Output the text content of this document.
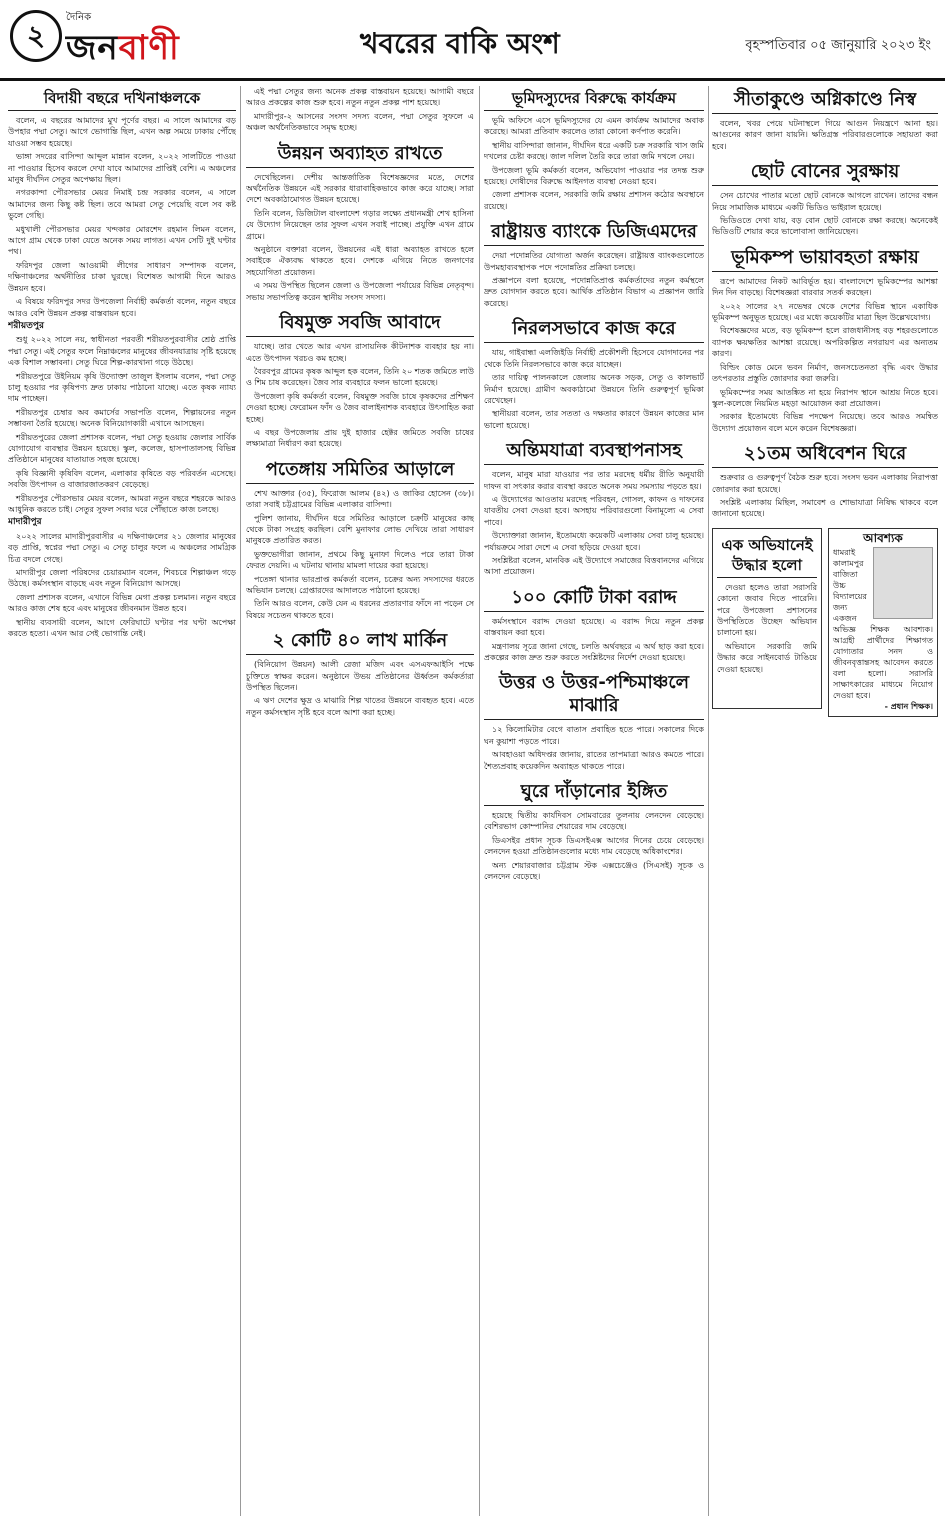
২
দৈনিক
জনবাণী	খবরের বাকি অংশ	বৃহস্পতিবার ০৫ জানুয়ারি ২০২৩ ইং
বিদায়ী বছরে দখিনাঞ্চলকে

বলেন, এ বছরের আমাদের মুখ পূর্ণের বছর। এ সালে আমাদের বড় উপহার পদ্মা সেতু। আগে ভোগান্তি ছিল, এখন অল্প সময়ে ঢাকায় পৌঁছে যাওয়া সম্ভব হয়েছে।

ভাঙ্গা সদরের বাসিন্দা আব্দুল মান্নান বলেন, ২০২২ সালটিতে পাওয়া না পাওয়ার হিসেব করলে দেখা যাবে আমাদের প্রাপ্তিই বেশি। এ অঞ্চলের মানুষ দীর্ঘদিন সেতুর অপেক্ষায় ছিল।

নগরকান্দা পৌরসভার মেয়র নিমাই চন্দ্র সরকার বলেন, এ সালে আমাদের জন্য কিছু কষ্ট ছিল। তবে আমরা সেতু পেয়েছি বলে সব কষ্ট ভুলে গেছি।

মধুখালী পৌরসভার মেয়র খন্দকার মোরশেদ রহমান লিমন বলেন, আগে গ্রাম থেকে ঢাকা যেতে অনেক সময় লাগত। এখন সেটি দুই ঘণ্টার পথ।

ফরিদপুর জেলা আওয়ামী লীগের সাধারণ সম্পাদক বলেন, দক্ষিণাঞ্চলের অর্থনীতির চাকা ঘুরছে। বিশেষত আগামী দিনে আরও উন্নয়ন হবে।

এ বিষয়ে ফরিদপুর সদর উপজেলা নির্বাহী কর্মকর্তা বলেন, নতুন বছরে আরও বেশি উন্নয়ন প্রকল্প বাস্তবায়ন হবে।

শরীয়তপুর

শুধু ২০২২ সালে নয়, স্বাধীনতা পরবর্তী শরীয়তপুরবাসীর শ্রেষ্ঠ প্রাপ্তি পদ্মা সেতু। এই সেতুর ফলে নিম্নাঞ্চলের মানুষের জীবনযাত্রায় সৃষ্টি হয়েছে এক বিশাল সম্ভাবনা। সেতু ঘিরে শিল্প-কারখানা গড়ে উঠছে।

শরীয়তপুরে উইনিয়ম কৃষি উদ্যোক্তা তাজুল ইসলাম বলেন, পদ্মা সেতু চালু হওয়ার পর কৃষিপণ্য দ্রুত ঢাকায় পাঠানো যাচ্ছে। এতে কৃষক ন্যায্য দাম পাচ্ছেন।

শরীয়তপুর চেম্বার অব কমার্সের সভাপতি বলেন, শিল্পায়নের নতুন সম্ভাবনা তৈরি হয়েছে। অনেক বিনিয়োগকারী এখানে আসছেন।

শরীয়তপুরের জেলা প্রশাসক বলেন, পদ্মা সেতু হওয়ায় জেলার সার্বিক যোগাযোগ ব্যবস্থার উন্নয়ন হয়েছে। স্কুল, কলেজ, হাসপাতালসহ বিভিন্ন প্রতিষ্ঠানে মানুষের যাতায়াত সহজ হয়েছে।

কৃষি বিজ্ঞানী কৃষিবিদ বলেন, এলাকার কৃষিতে বড় পরিবর্তন এসেছে। সবজি উৎপাদন ও বাজারজাতকরণ বেড়েছে।

শরীয়তপুর পৌরসভার মেয়র বলেন, আমরা নতুন বছরে শহরকে আরও আধুনিক করতে চাই। সেতুর সুফল সবার ঘরে পৌঁছাতে কাজ চলছে।

মাদারীপুর

২০২২ সালের মাদারীপুরবাসীর এ দক্ষিণাঞ্চলের ২১ জেলার মানুষের বড় প্রাপ্তি, স্বপ্নের পদ্মা সেতু। এ সেতু চালুর ফলে এ অঞ্চলের সামগ্রিক চিত্র বদলে গেছে।

মাদারীপুর জেলা পরিষদের চেয়ারম্যান বলেন, শিবচরে শিল্পাঞ্চল গড়ে উঠছে। কর্মসংস্থান বাড়ছে এবং নতুন বিনিয়োগ আসছে।

জেলা প্রশাসক বলেন, এখানে বিভিন্ন মেগা প্রকল্প চলমান। নতুন বছরে আরও কাজ শেষ হবে এবং মানুষের জীবনমান উন্নত হবে।

স্থানীয় ব্যবসায়ী বলেন, আগে ফেরিঘাটে ঘণ্টার পর ঘণ্টা অপেক্ষা করতে হতো। এখন আর সেই ভোগান্তি নেই।

এই পদ্মা সেতুর জন্য অনেক প্রকল্প বাস্তবায়ন হয়েছে। আগামী বছরে আরও প্রকল্পের কাজ শুরু হবে। নতুন নতুন প্রকল্প পাশ হয়েছে।

মাদারীপুর-২ আসনের সংসদ সদস্য বলেন, পদ্মা সেতুর সুফলে এ অঞ্চল অর্থনৈতিকভাবে সমৃদ্ধ হচ্ছে।

উন্নয়ন অব্যাহত রাখতে

দেখেছিলেন। দেশীয় আন্তর্জাতিক বিশেষজ্ঞদের মতে, দেশের অর্থনৈতিক উন্নয়নে এই সরকার ধারাবাহিকভাবে কাজ করে যাচ্ছে। সারা দেশে অবকাঠামোগত উন্নয়ন হয়েছে।

তিনি বলেন, ডিজিটাল বাংলাদেশ গড়ার লক্ষ্যে প্রধানমন্ত্রী শেখ হাসিনা যে উদ্যোগ নিয়েছেন তার সুফল এখন সবাই পাচ্ছে। প্রযুক্তি এখন গ্রামে গ্রামে।

অনুষ্ঠানে বক্তারা বলেন, উন্নয়নের এই ধারা অব্যাহত রাখতে হলে সবাইকে ঐক্যবদ্ধ থাকতে হবে। দেশকে এগিয়ে নিতে জনগণের সহযোগিতা প্রয়োজন।

এ সময় উপস্থিত ছিলেন জেলা ও উপজেলা পর্যায়ের বিভিন্ন নেতৃবৃন্দ। সভায় সভাপতিত্ব করেন স্থানীয় সংসদ সদস্য।

বিষমুক্ত সবজি আবাদে

যাচ্ছে। তার খেতে আর এখন রাসায়নিক কীটনাশক ব্যবহার হয় না। এতে উৎপাদন খরচও কম হচ্ছে।

বৈরবপুর গ্রামের কৃষক আব্দুল হক বলেন, তিনি ২০ শতক জমিতে লাউ ও শিম চাষ করেছেন। জৈব সার ব্যবহারে ফলন ভালো হয়েছে।

উপজেলা কৃষি কর্মকর্তা বলেন, বিষমুক্ত সবজি চাষে কৃষকদের প্রশিক্ষণ দেওয়া হচ্ছে। ফেরোমন ফাঁদ ও জৈব বালাইনাশক ব্যবহারে উৎসাহিত করা হচ্ছে।

এ বছর উপজেলায় প্রায় দুই হাজার হেক্টর জমিতে সবজি চাষের লক্ষ্যমাত্রা নির্ধারণ করা হয়েছে।

পতেঙ্গায় সমিতির আড়ালে

শেখ আক্তার (৩৫), ফিরোজ আলম (৪২) ও জাকির হোসেন (৩৮)। তারা সবাই চট্টগ্রামের বিভিন্ন এলাকার বাসিন্দা।

পুলিশ জানায়, দীর্ঘদিন ধরে সমিতির আড়ালে চক্রটি মানুষের কাছ থেকে টাকা সংগ্রহ করছিল। বেশি মুনাফার লোভ দেখিয়ে তারা সাধারণ মানুষকে প্রতারিত করত।

ভুক্তভোগীরা জানান, প্রথমে কিছু মুনাফা দিলেও পরে তারা টাকা ফেরত দেয়নি। এ ঘটনায় থানায় মামলা দায়ের করা হয়েছে।

পতেঙ্গা থানার ভারপ্রাপ্ত কর্মকর্তা বলেন, চক্রের অন্য সদস্যদের ধরতে অভিযান চলছে। গ্রেপ্তারদের আদালতে পাঠানো হয়েছে।

তিনি আরও বলেন, কেউ যেন এ ধরনের প্রতারণার ফাঁদে না পড়েন সে বিষয়ে সচেতন থাকতে হবে।

২ কোটি ৪০ লাখ মার্কিন

(বিনিয়োগ উন্নয়ন) আলী রেজা মজিদ এবং এসএফআইসি পক্ষে চুক্তিতে স্বাক্ষর করেন। অনুষ্ঠানে উভয় প্রতিষ্ঠানের ঊর্ধ্বতন কর্মকর্তারা উপস্থিত ছিলেন।

এ ঋণ দেশের ক্ষুদ্র ও মাঝারি শিল্প খাতের উন্নয়নে ব্যবহৃত হবে। এতে নতুন কর্মসংস্থান সৃষ্টি হবে বলে আশা করা হচ্ছে।

ভূমিদস্যুদের বিরুদ্ধে কার্যক্রম

ভূমি অফিসে এসে ভূমিদস্যুদের যে এমন কার্যক্রম আমাদের অবাক করেছে। আমরা প্রতিবাদ করলেও তারা কোনো কর্ণপাত করেনি।

স্থানীয় বাসিন্দারা জানান, দীর্ঘদিন ধরে একটি চক্র সরকারি খাস জমি দখলের চেষ্টা করছে। জাল দলিল তৈরি করে তারা জমি দখলে নেয়।

উপজেলা ভূমি কর্মকর্তা বলেন, অভিযোগ পাওয়ার পর তদন্ত শুরু হয়েছে। দোষীদের বিরুদ্ধে আইনগত ব্যবস্থা নেওয়া হবে।

জেলা প্রশাসক বলেন, সরকারি জমি রক্ষায় প্রশাসন কঠোর অবস্থানে রয়েছে।

রাষ্ট্রায়ত্ত ব্যাংকে ডিজিএমদের

দেয়া পদোন্নতির যোগ্যতা অর্জন করেছেন। রাষ্ট্রায়ত্ত ব্যাংকগুলোতে উপমহাব্যবস্থাপক পদে পদোন্নতির প্রক্রিয়া চলছে।

প্রজ্ঞাপনে বলা হয়েছে, পদোন্নতিপ্রাপ্ত কর্মকর্তাদের নতুন কর্মস্থলে দ্রুত যোগদান করতে হবে। আর্থিক প্রতিষ্ঠান বিভাগ এ প্রজ্ঞাপন জারি করেছে।

নিরলসভাবে কাজ করে

যায়, গাইবান্ধা এলজিইডি নির্বাহী প্রকৌশলী হিসেবে যোগদানের পর থেকে তিনি নিরলসভাবে কাজ করে যাচ্ছেন।

তার দায়িত্ব পালনকালে জেলায় অনেক সড়ক, সেতু ও কালভার্ট নির্মাণ হয়েছে। গ্রামীণ অবকাঠামো উন্নয়নে তিনি গুরুত্বপূর্ণ ভূমিকা রেখেছেন।

স্থানীয়রা বলেন, তার সততা ও দক্ষতার কারণে উন্নয়ন কাজের মান ভালো হয়েছে।

অন্তিমযাত্রা ব্যবস্থাপনাসহ

বলেন, মানুষ মারা যাওয়ার পর তার মরদেহ ধর্মীয় রীতি অনুযায়ী দাফন বা সৎকার করার ব্যবস্থা করতে অনেক সময় সমস্যায় পড়তে হয়।

এ উদ্যোগের আওতায় মরদেহ পরিবহন, গোসল, কাফন ও দাফনের যাবতীয় সেবা দেওয়া হবে। অসহায় পরিবারগুলো বিনামূল্যে এ সেবা পাবে।

উদ্যোক্তারা জানান, ইতোমধ্যে কয়েকটি এলাকায় সেবা চালু হয়েছে। পর্যায়ক্রমে সারা দেশে এ সেবা ছড়িয়ে দেওয়া হবে।

সংশ্লিষ্টরা বলেন, মানবিক এই উদ্যোগে সমাজের বিত্তবানদের এগিয়ে আসা প্রয়োজন।

১০০ কোটি টাকা বরাদ্দ

কর্মসংস্থানে বরাদ্দ দেওয়া হয়েছে। এ বরাদ্দ দিয়ে নতুন প্রকল্প বাস্তবায়ন করা হবে।

মন্ত্রণালয় সূত্রে জানা গেছে, চলতি অর্থবছরে এ অর্থ ছাড় করা হবে। প্রকল্পের কাজ দ্রুত শুরু করতে সংশ্লিষ্টদের নির্দেশ দেওয়া হয়েছে।

উত্তর ও উত্তর-পশ্চিমাঞ্চলে মাঝারি

১২ কিলোমিটার বেগে বাতাস প্রবাহিত হতে পারে। সকালের দিকে ঘন কুয়াশা পড়তে পারে।

আবহাওয়া অধিদপ্তর জানায়, রাতের তাপমাত্রা আরও কমতে পারে। শৈত্যপ্রবাহ কয়েকদিন অব্যাহত থাকতে পারে।

ঘুরে দাঁড়ানোর ইঙ্গিত

হয়েছে দ্বিতীয় কার্যদিবস সোমবারের তুলনায় লেনদেন বেড়েছে। বেশিরভাগ কোম্পানির শেয়ারের দাম বেড়েছে।

ডিএসইর প্রধান সূচক ডিএসইএক্স আগের দিনের চেয়ে বেড়েছে। লেনদেন হওয়া প্রতিষ্ঠানগুলোর মধ্যে দাম বেড়েছে অধিকাংশের।

অন্য শেয়ারবাজার চট্টগ্রাম স্টক এক্সচেঞ্জেও (সিএসই) সূচক ও লেনদেন বেড়েছে।

সীতাকুণ্ডে অগ্নিকাণ্ডে নিস্ব

বলেন, খবর পেয়ে ঘটনাস্থলে গিয়ে আগুন নিয়ন্ত্রণে আনা হয়। আগুনের কারণ জানা যায়নি। ক্ষতিগ্রস্ত পরিবারগুলোকে সহায়তা করা হবে।

ছোট বোনের সুরক্ষায়

সেন চোখের পাতার মতো ছোট বোনকে আগলে রাখেন। তাদের বন্ধন নিয়ে সামাজিক মাধ্যমে একটি ভিডিও ভাইরাল হয়েছে।

ভিডিওতে দেখা যায়, বড় বোন ছোট বোনকে রক্ষা করছে। অনেকেই ভিডিওটি শেয়ার করে ভালোবাসা জানিয়েছেন।

ভূমিকম্প ভায়াবহতা রক্ষায়

রূপে আমাদের নিকট আবির্ভূত হয়। বাংলাদেশে ভূমিকম্পের আশঙ্কা দিন দিন বাড়ছে। বিশেষজ্ঞরা বারবার সতর্ক করছেন।

২০২২ সালের ২৭ নভেম্বর থেকে দেশের বিভিন্ন স্থানে একাধিক ভূমিকম্প অনুভূত হয়েছে। এর মধ্যে কয়েকটির মাত্রা ছিল উল্লেখযোগ্য।

বিশেষজ্ঞদের মতে, বড় ভূমিকম্প হলে রাজধানীসহ বড় শহরগুলোতে ব্যাপক ক্ষয়ক্ষতির আশঙ্কা রয়েছে। অপরিকল্পিত নগরায়ণ এর অন্যতম কারণ।

বিল্ডিং কোড মেনে ভবন নির্মাণ, জনসচেতনতা বৃদ্ধি এবং উদ্ধার তৎপরতার প্রস্তুতি জোরদার করা জরুরি।

ভূমিকম্পের সময় আতঙ্কিত না হয়ে নিরাপদ স্থানে আশ্রয় নিতে হবে। স্কুল-কলেজে নিয়মিত মহড়া আয়োজন করা প্রয়োজন।

সরকার ইতোমধ্যে বিভিন্ন পদক্ষেপ নিয়েছে। তবে আরও সমন্বিত উদ্যোগ প্রয়োজন বলে মনে করেন বিশেষজ্ঞরা।

২১তম অধিবেশন ঘিরে

শুক্রবার ও গুরুত্বপূর্ণ বৈঠক শুরু হবে। সংসদ ভবন এলাকায় নিরাপত্তা জোরদার করা হয়েছে।

সংশ্লিষ্ট এলাকায় মিছিল, সমাবেশ ও শোভাযাত্রা নিষিদ্ধ থাকবে বলে জানানো হয়েছে।

এক অভিযানেই উদ্ধার হলো

দেওয়া হলেও তারা সরাসরি কোনো জবাব দিতে পারেনি। পরে উপজেলা প্রশাসনের উপস্থিতিতে উচ্ছেদ অভিযান চালানো হয়।

অভিযানে সরকারি জমি উদ্ধার করে সাইনবোর্ড টাঙিয়ে দেওয়া হয়েছে।

আবশ্যক
ধামরাই কালামপুর বাজিতা উচ্চ বিদ্যালয়ের জন্য একজন অভিজ্ঞ শিক্ষক আবশ্যক। আগ্রহী প্রার্থীদের শিক্ষাগত যোগ্যতার সনদ ও জীবনবৃত্তান্তসহ আবেদন করতে বলা হলো। সরাসরি সাক্ষাৎকারের মাধ্যমে নিয়োগ দেওয়া হবে।
- প্রধান শিক্ষক।
